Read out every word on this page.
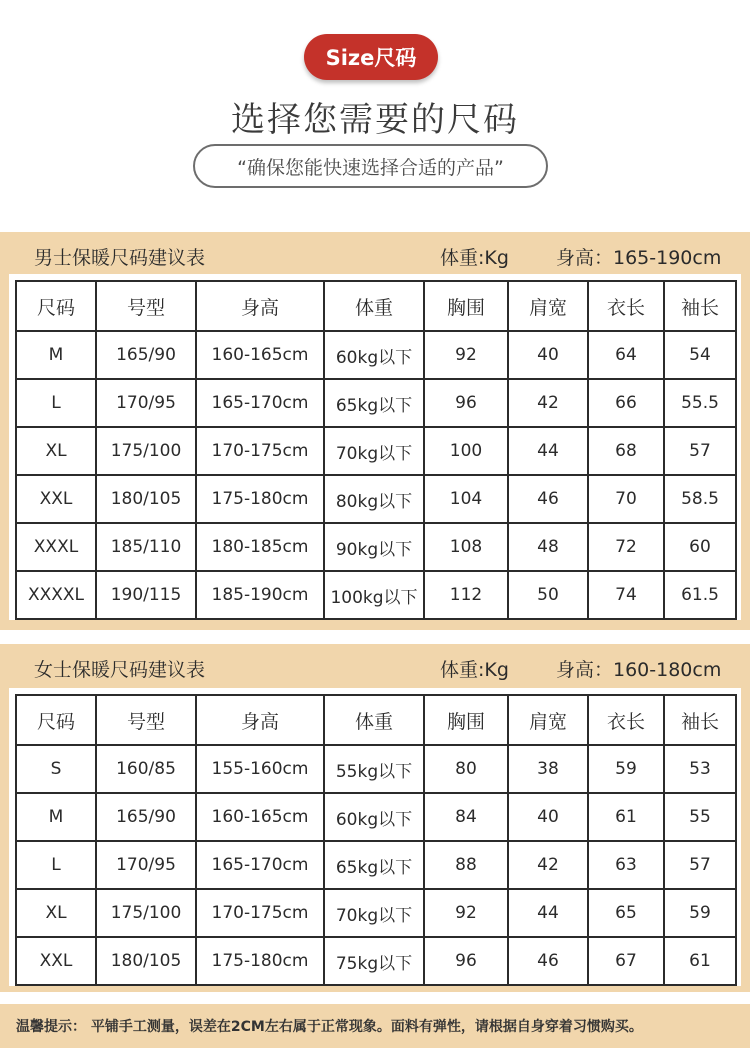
Size尺码
选择您需要的尺码
“确保您能快速选择合适的产品”
男士保暖尺码建议表	体重:Kg 身高：165-190cm
尺码	号型	身高	体重	胸围	肩宽	衣长	袖长
M	165/90	160-165cm	60kg以下	92	40	64	54
L	170/95	165-170cm	65kg以下	96	42	66	55.5
XL	175/100	170-175cm	70kg以下	100	44	68	57
XXL	180/105	175-180cm	80kg以下	104	46	70	58.5
XXXL	185/110	180-185cm	90kg以下	108	48	72	60
XXXXL	190/115	185-190cm	100kg以下	112	50	74	61.5
女士保暖尺码建议表	体重:Kg 身高：160-180cm
尺码	号型	身高	体重	胸围	肩宽	衣长	袖长
S	160/85	155-160cm	55kg以下	80	38	59	53
M	165/90	160-165cm	60kg以下	84	40	61	55
L	170/95	165-170cm	65kg以下	88	42	63	57
XL	175/100	170-175cm	70kg以下	92	44	65	59
XXL	180/105	175-180cm	75kg以下	96	46	67	61
温馨提示： 平铺手工测量，误差在2CM左右属于正常现象。面料有弹性，请根据自身穿着习惯购买。
